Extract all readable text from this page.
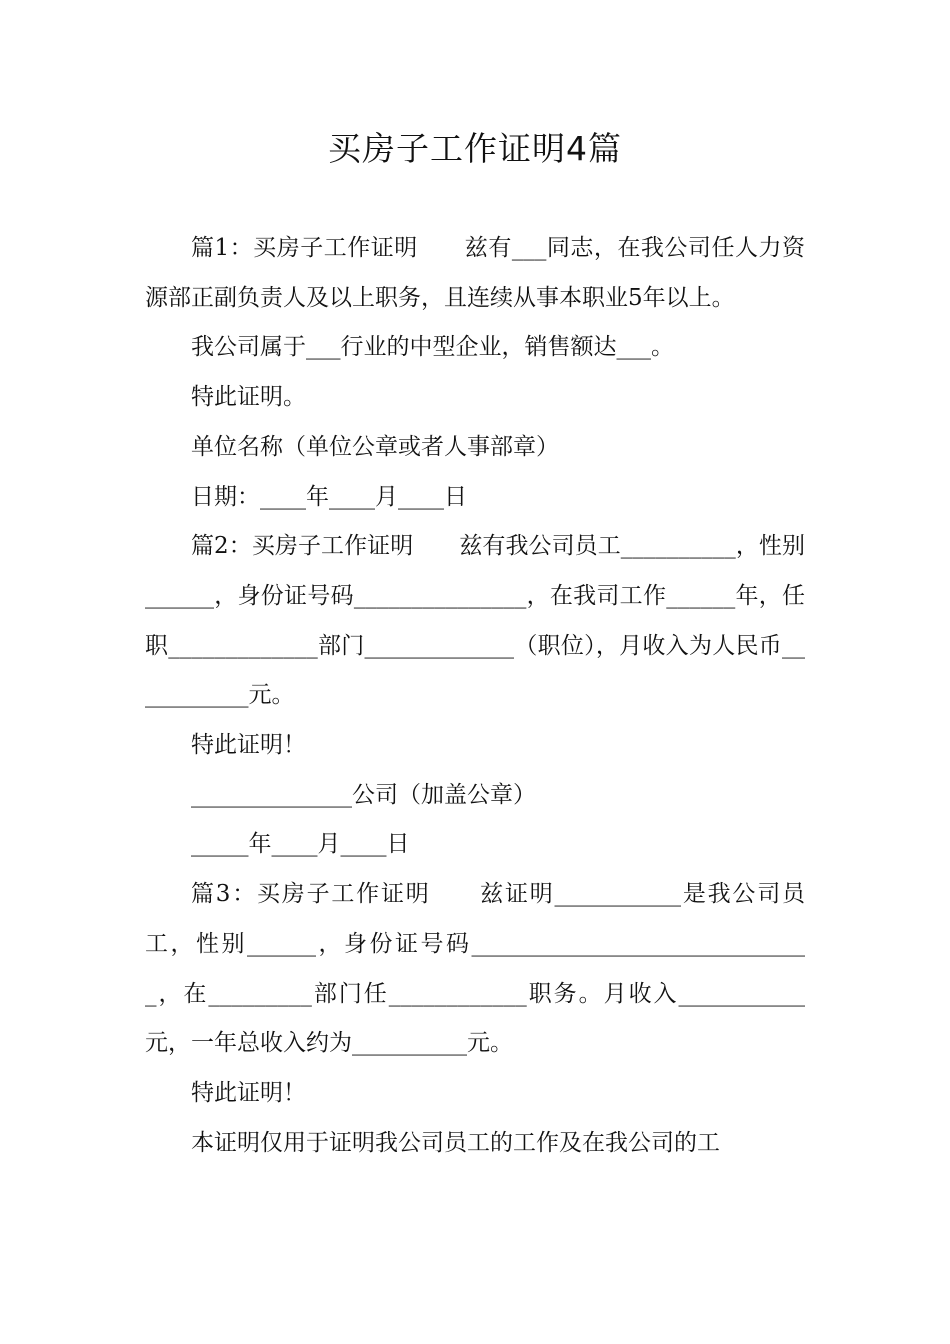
买房子工作证明4篇

篇1：买房子工作证明　　兹有___同志，在我公司任人力资源部正副负责人及以上职务，且连续从事本职业5年以上。

我公司属于___行业的中型企业，销售额达___。

特此证明。

单位名称（单位公章或者人事部章）

日期：____年____月____日

篇2：买房子工作证明　　兹有我公司员工__________，性别______，身份证号码_______________，在我司工作______年，任职_____________部门_____________（职位），月收入为人民币___________元。

特此证明！

______________公司（加盖公章）

_____年____月____日

篇3：买房子工作证明　　兹证明___________是我公司员工，性别______，身份证号码______________________________，在_________部门任____________职务。月收入___________元，一年总收入约为__________元。

特此证明！

本证明仅用于证明我公司员工的工作及在我公司的工
